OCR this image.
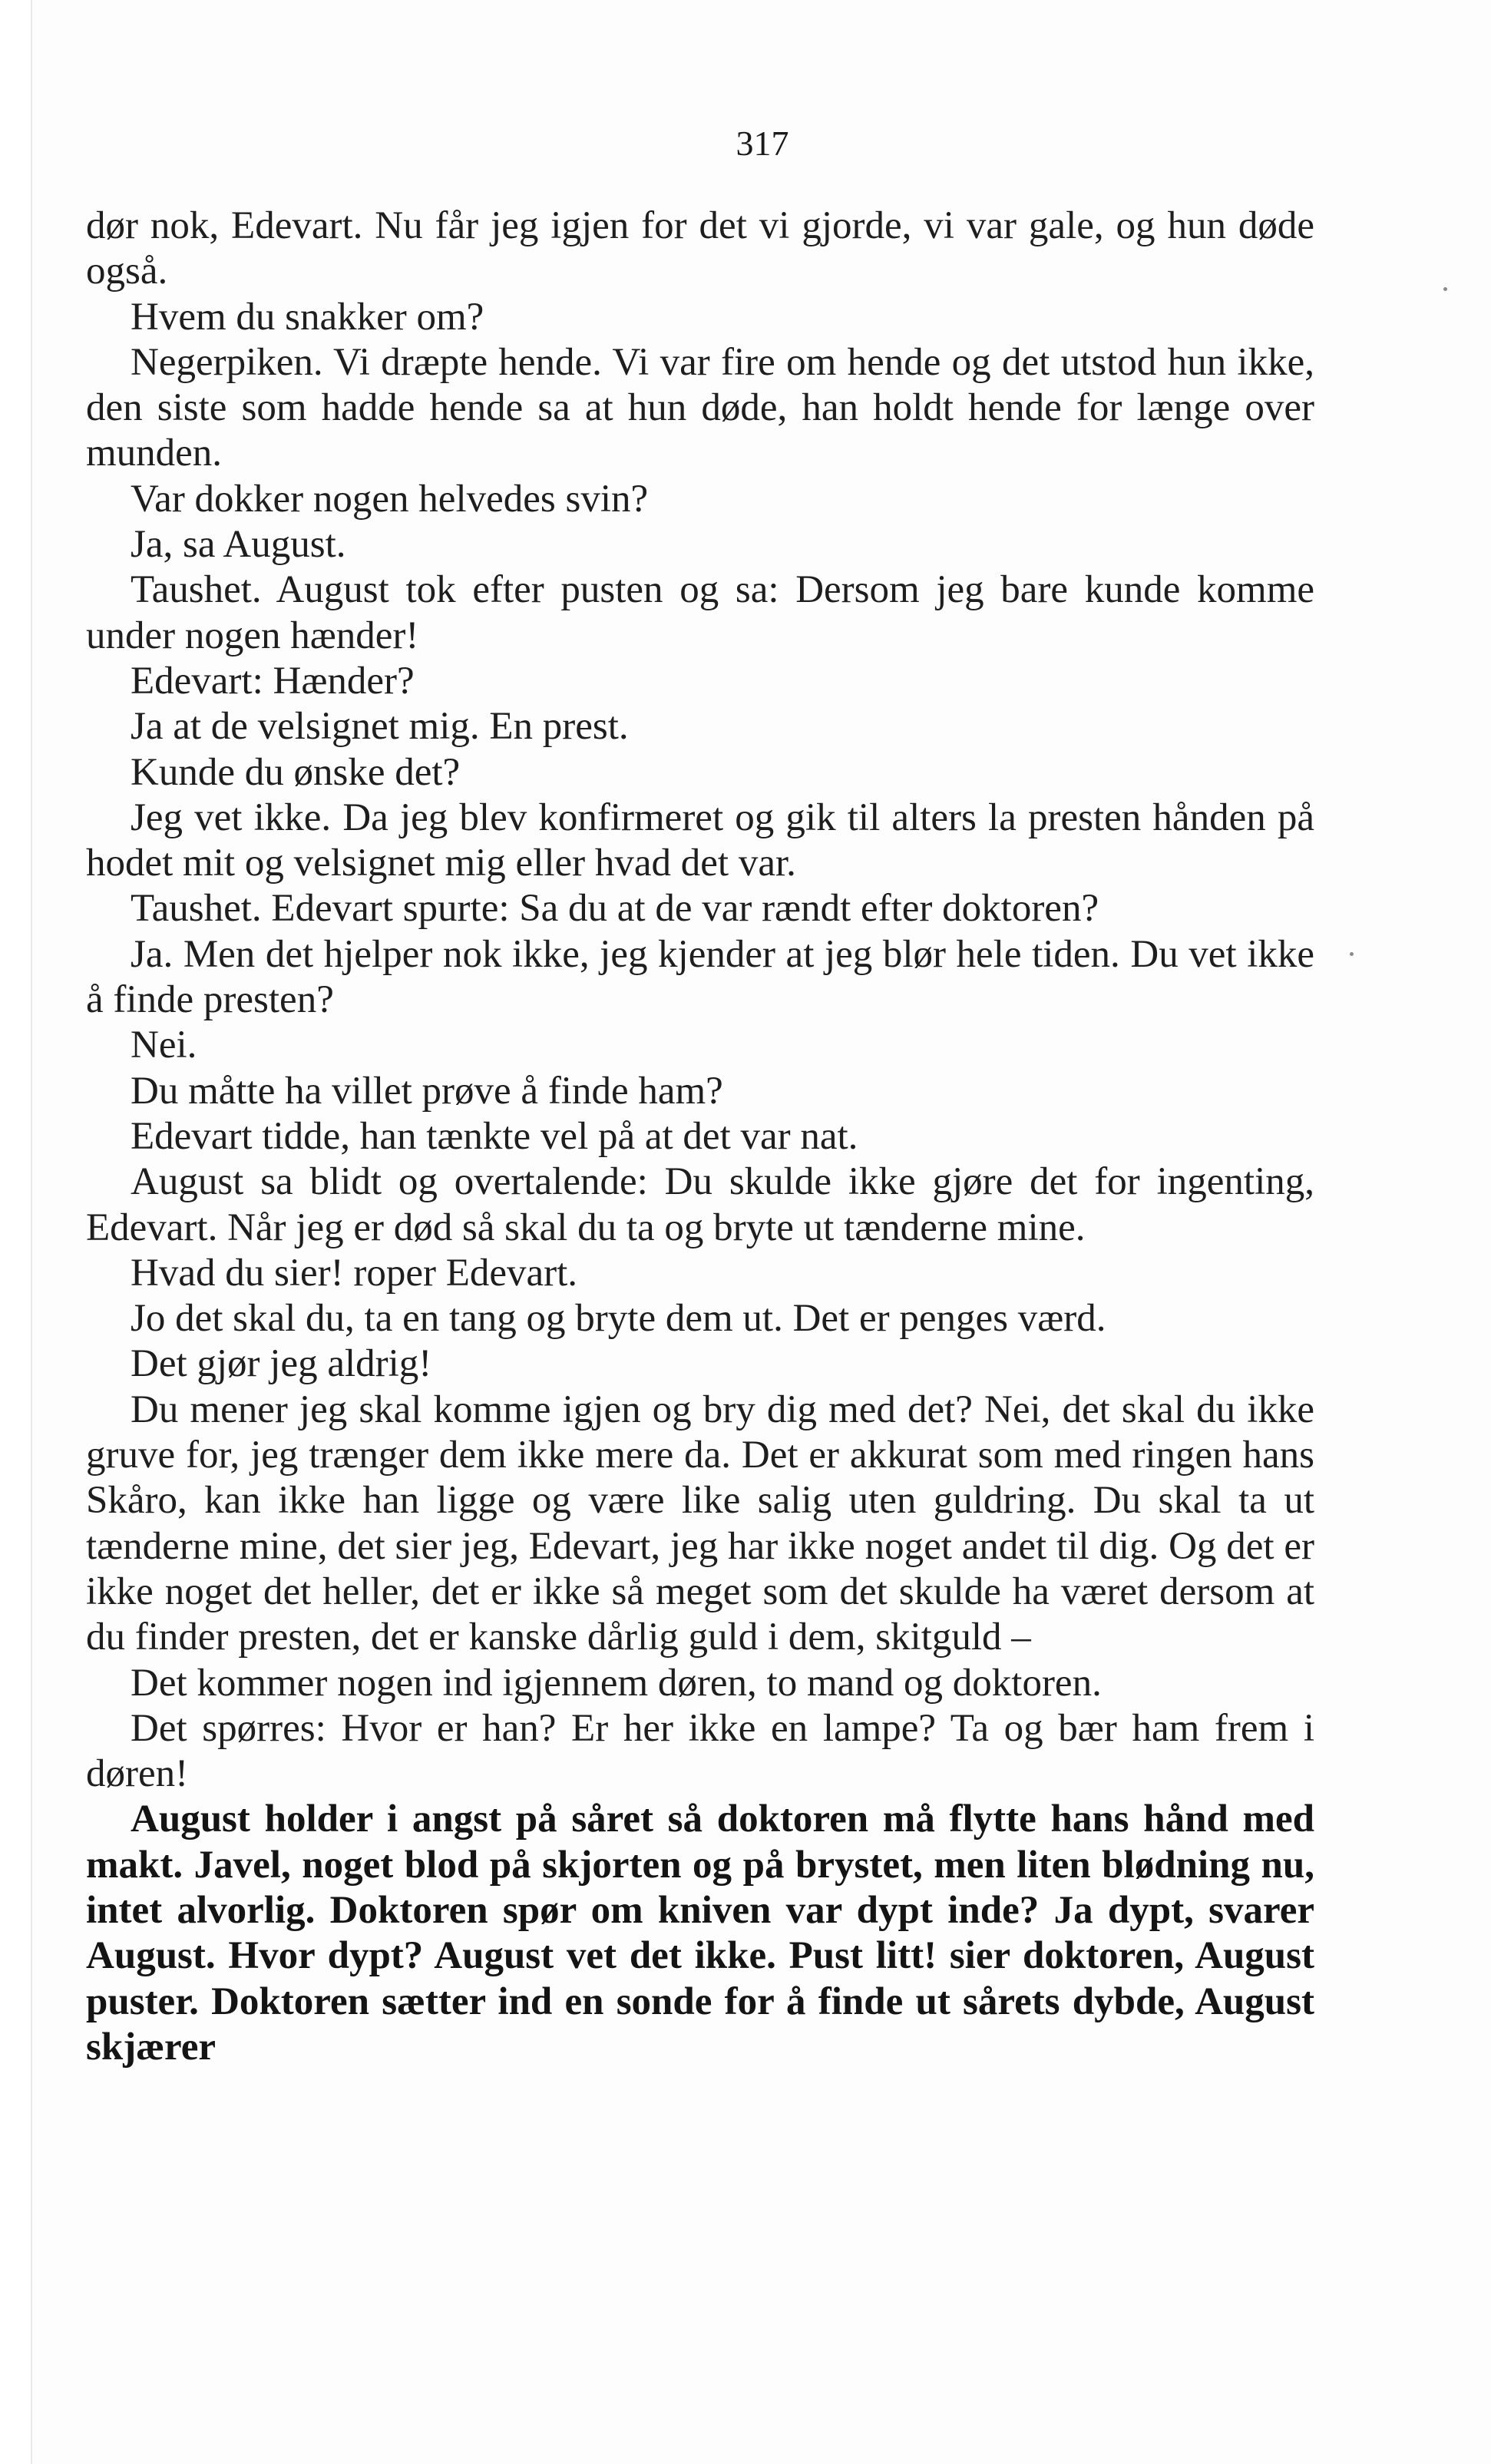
317

dør nok, Edevart. Nu får jeg igjen for det vi gjorde, vi var gale, og hun døde også.

Hvem du snakker om?

Negerpiken. Vi dræpte hende. Vi var fire om hende og det utstod hun ikke, den siste som hadde hende sa at hun døde, han holdt hende for længe over munden.

Var dokker nogen helvedes svin?

Ja, sa August.

Taushet. August tok efter pusten og sa: Dersom jeg bare kunde komme under nogen hænder!

Edevart: Hænder?

Ja at de velsignet mig. En prest.

Kunde du ønske det?

Jeg vet ikke. Da jeg blev konfirmeret og gik til alters la presten hånden på hodet mit og velsignet mig eller hvad det var.

Taushet. Edevart spurte: Sa du at de var rændt efter doktoren?

Ja. Men det hjelper nok ikke, jeg kjender at jeg blør hele tiden. Du vet ikke å finde presten?

Nei.

Du måtte ha villet prøve å finde ham?

Edevart tidde, han tænkte vel på at det var nat.

August sa blidt og overtalende: Du skulde ikke gjøre det for ingenting, Edevart. Når jeg er død så skal du ta og bryte ut tænderne mine.

Hvad du sier! roper Edevart.

Jo det skal du, ta en tang og bryte dem ut. Det er penges værd.

Det gjør jeg aldrig!

Du mener jeg skal komme igjen og bry dig med det? Nei, det skal du ikke gruve for, jeg trænger dem ikke mere da. Det er akkurat som med ringen hans Skåro, kan ikke han ligge og være like salig uten guldring. Du skal ta ut tænderne mine, det sier jeg, Edevart, jeg har ikke noget andet til dig. Og det er ikke noget det heller, det er ikke så meget som det skulde ha været dersom at du finder presten, det er kanske dårlig guld i dem, skitguld –

Det kommer nogen ind igjennem døren, to mand og doktoren.

Det spørres: Hvor er han? Er her ikke en lampe? Ta og bær ham frem i døren!

August holder i angst på såret så doktoren må flytte hans hånd med makt. Javel, noget blod på skjorten og på brystet, men liten blødning nu, intet alvorlig. Doktoren spør om kniven var dypt inde? Ja dypt, svarer August. Hvor dypt? August vet det ikke. Pust litt! sier doktoren, August puster. Doktoren sætter ind en sonde for å finde ut sårets dybde, August skjærer
